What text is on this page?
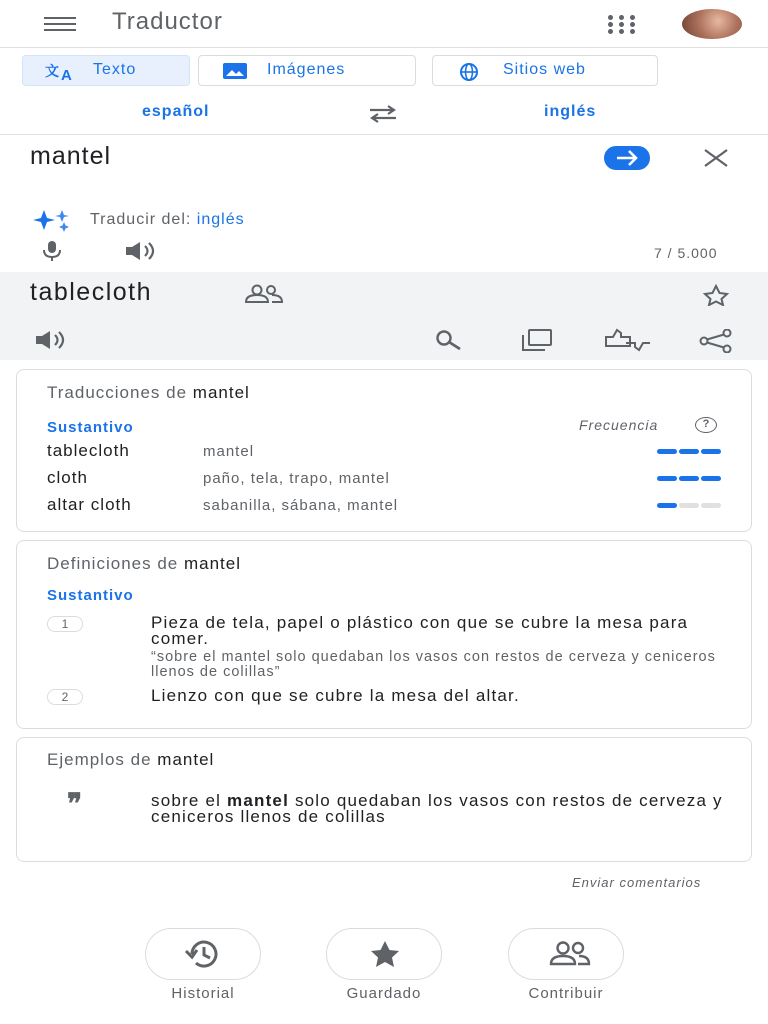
Traductor
文 A Texto	Imágenes	Sitios web
español	inglés
mantel
Traducir del: inglés
7 / 5.000
tablecloth
Traducciones de mantel
Sustantivo	Frecuencia	?
tablecloth	mantel
cloth	paño, tela, trapo, mantel
altar cloth	sabanilla, sábana, mantel
Definiciones de mantel
Sustantivo
1	Pieza de tela, papel o plástico con que se cubre la mesa para comer.
“sobre el mantel solo quedaban los vasos con restos de cerveza y ceniceros llenos de colillas”
2	Lienzo con que se cubre la mesa del altar.
Ejemplos de mantel
❞	sobre el mantel solo quedaban los vasos con restos de cerveza y ceniceros llenos de colillas
Enviar comentarios
Historial	Guardado	Contribuir
